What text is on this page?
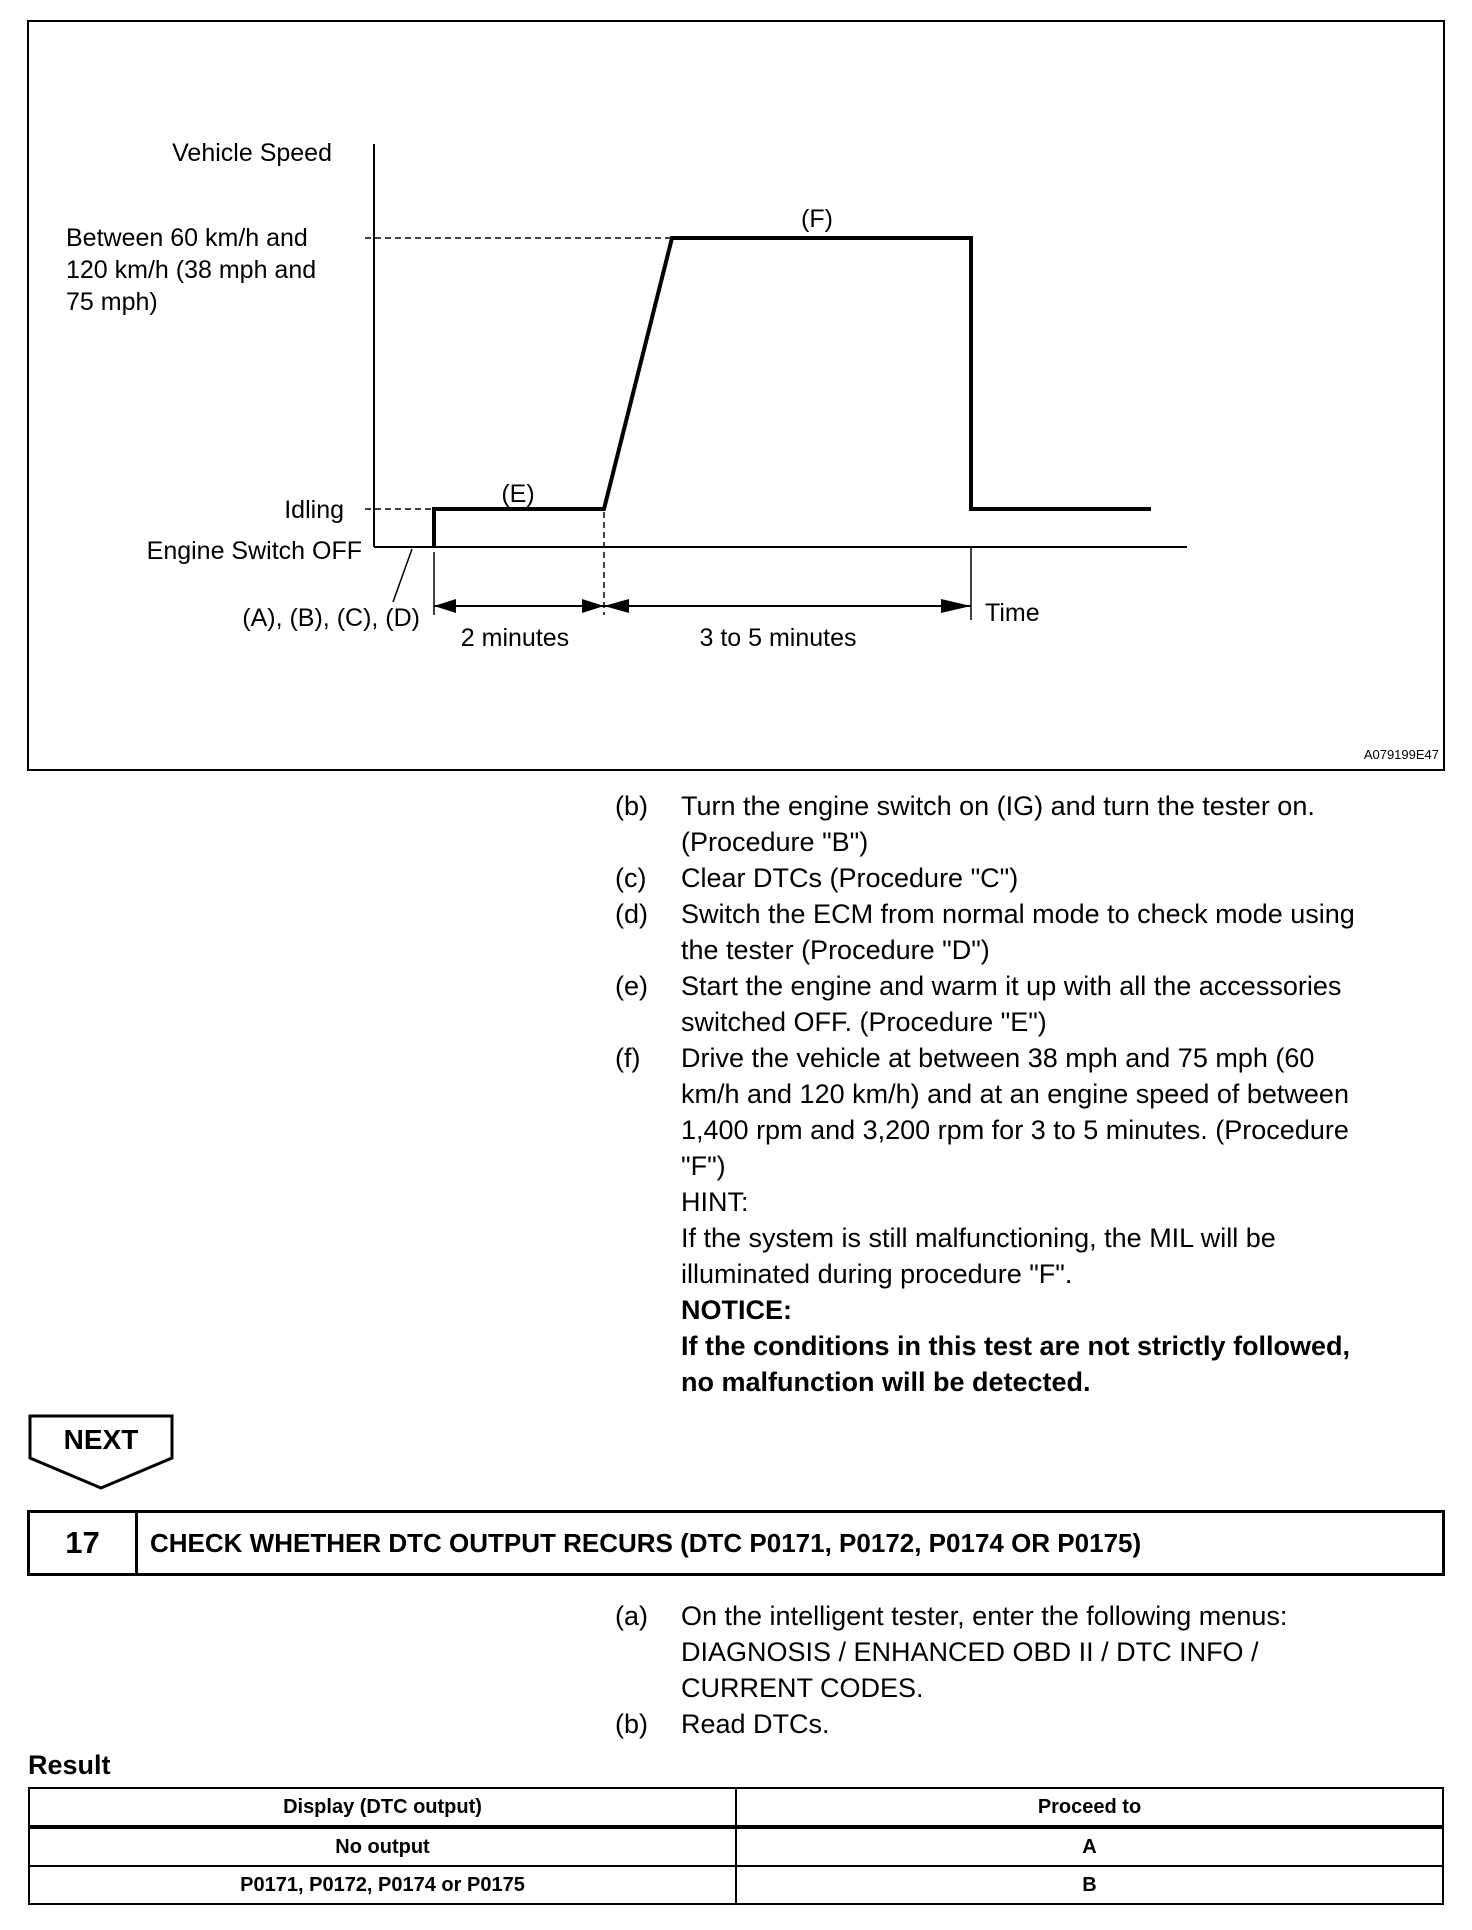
Vehicle Speed
Between 60 km/h and
120 km/h (38 mph and
75 mph)
Idling
Engine Switch OFF
(A), (B), (C), (D)
(E)
(F)
2 minutes	3 to 5 minutes
Time
A079199E47
(b)	Turn the engine switch on (IG) and turn the tester on.
(Procedure "B")
(c)	Clear DTCs (Procedure "C")
(d)	Switch the ECM from normal mode to check mode using
the tester (Procedure "D")
(e)	Start the engine and warm it up with all the accessories
switched OFF. (Procedure "E")
(f)	Drive the vehicle at between 38 mph and 75 mph (60
km/h and 120 km/h) and at an engine speed of between
1,400 rpm and 3,200 rpm for 3 to 5 minutes. (Procedure
"F")
HINT:
If the system is still malfunctioning, the MIL will be
illuminated during procedure "F".
NOTICE:
If the conditions in this test are not strictly followed,
no malfunction will be detected.
NEXT
17	CHECK WHETHER DTC OUTPUT RECURS (DTC P0171, P0172, P0174 OR P0175)
(a)	On the intelligent tester, enter the following menus:
DIAGNOSIS / ENHANCED OBD II / DTC INFO /
CURRENT CODES.
(b)	Read DTCs.
Result
Display (DTC output)	Proceed to
No output	A
P0171, P0172, P0174 or P0175	B
